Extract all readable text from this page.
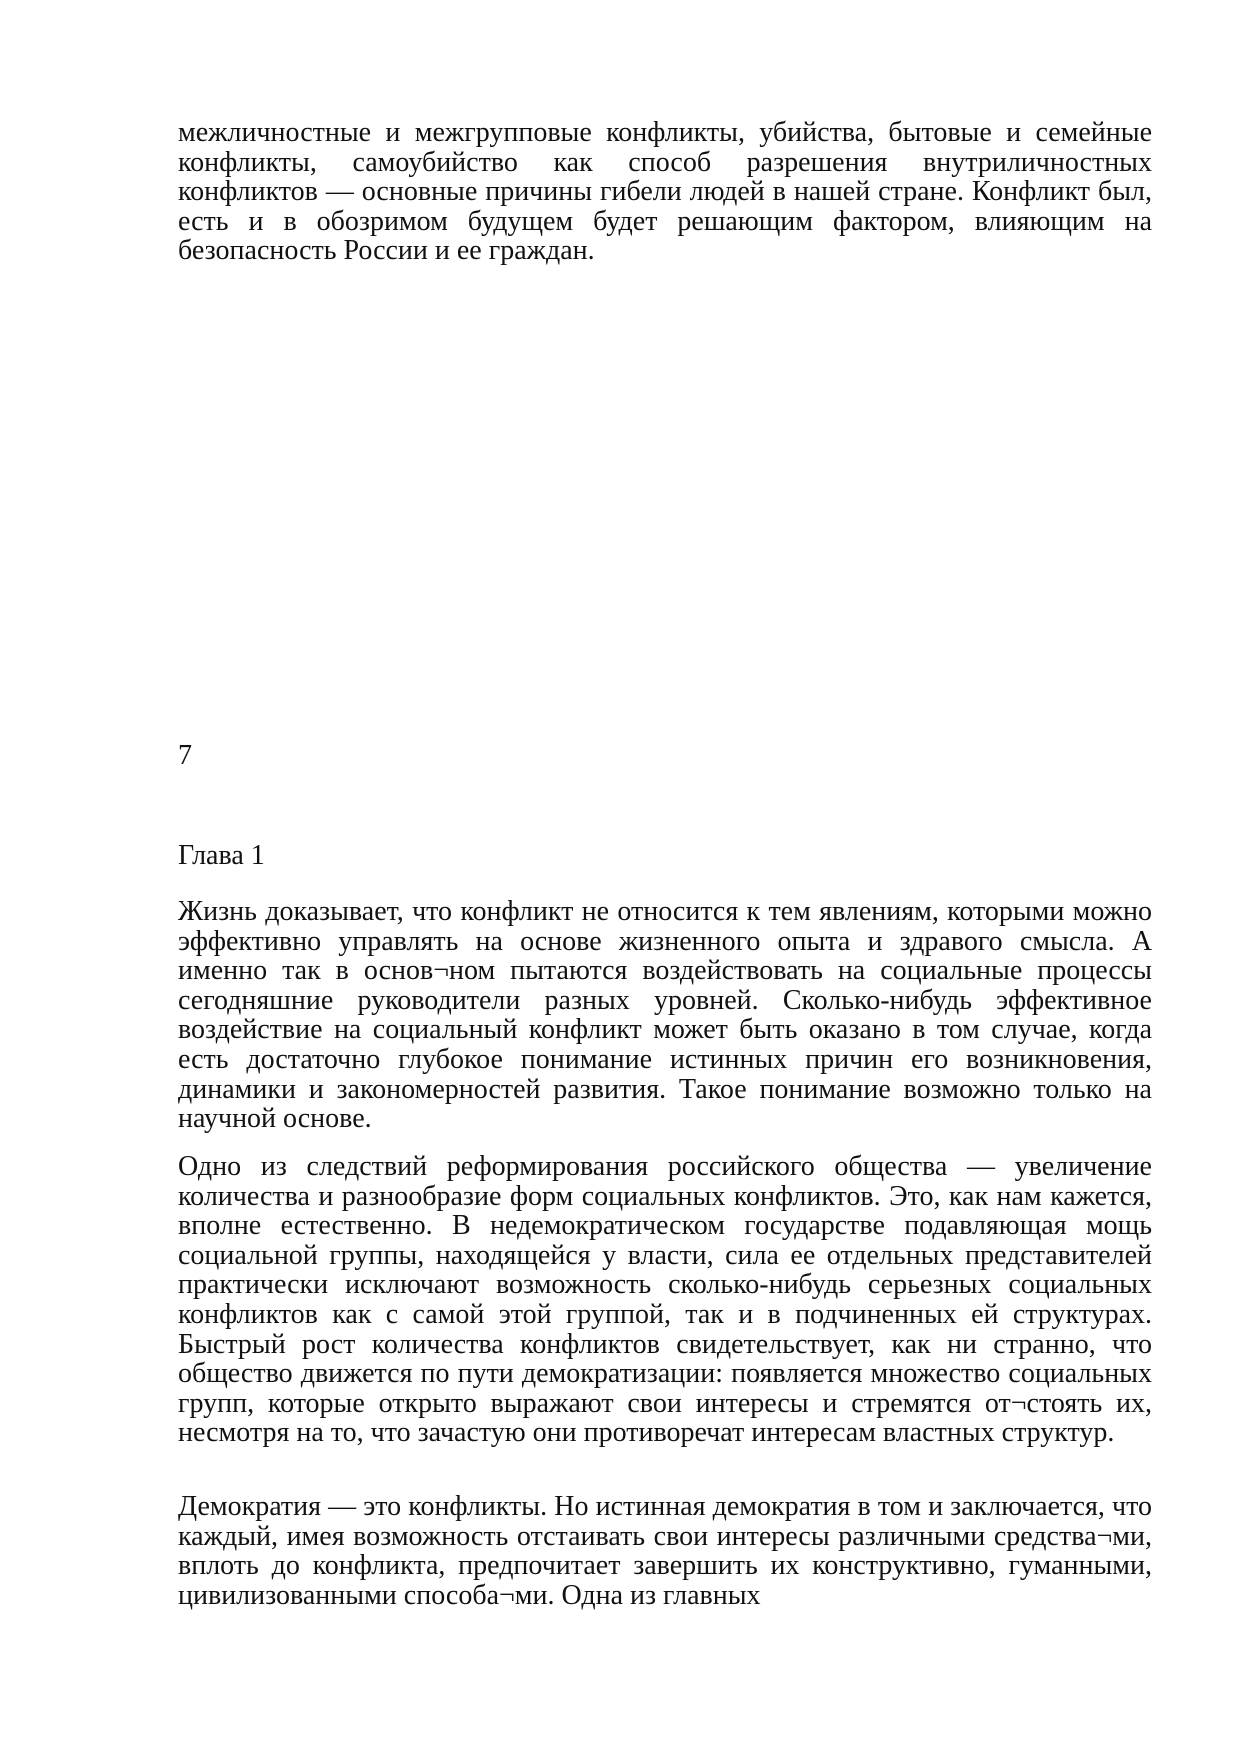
межличностные и межгрупповые конфликты, убийства, бытовые и семейные конфликты, самоубийство как способ разрешения внутриличностных конфликтов — основные причины гибели людей в нашей стране. Конфликт был, есть и в обозримом будущем будет решающим фактором, влияющим на безопасность России и ее граждан.

7

Глава 1

Жизнь доказывает, что конфликт не относится к тем явлениям, которыми можно эффективно управлять на основе жизненного опыта и здравого смысла. А именно так в основ¬ном пытаются воздействовать на социальные процессы сегодняшние руководители разных уровней. Сколько-нибудь эффективное воздействие на социальный конфликт может быть оказано в том случае, когда есть достаточно глубокое понимание истинных причин его возникновения, динамики и закономерностей развития. Такое понимание возможно только на научной основе.

Одно из следствий реформирования российского общества — увеличение количества и разнообразие форм социальных конфликтов. Это, как нам кажется, вполне естественно. В недемократическом государстве подавляющая мощь социальной группы, находящейся у власти, сила ее отдельных представителей практически исключают возможность сколько-нибудь серьезных социальных конфликтов как с самой этой группой, так и в подчиненных ей структурах. Быстрый рост количества конфликтов свидетельствует, как ни странно, что общество движется по пути демократизации: появляется множество социальных групп, которые открыто выражают свои интересы и стремятся от¬стоять их, несмотря на то, что зачастую они противоречат интересам властных структур.

Демократия — это конфликты. Но истинная демократия в том и заключается, что каждый, имея возможность отстаивать свои интересы различными средства¬ми, вплоть до конфликта, предпочитает завершить их конструктивно, гуманными, цивилизованными способа¬ми. Одна из главных
